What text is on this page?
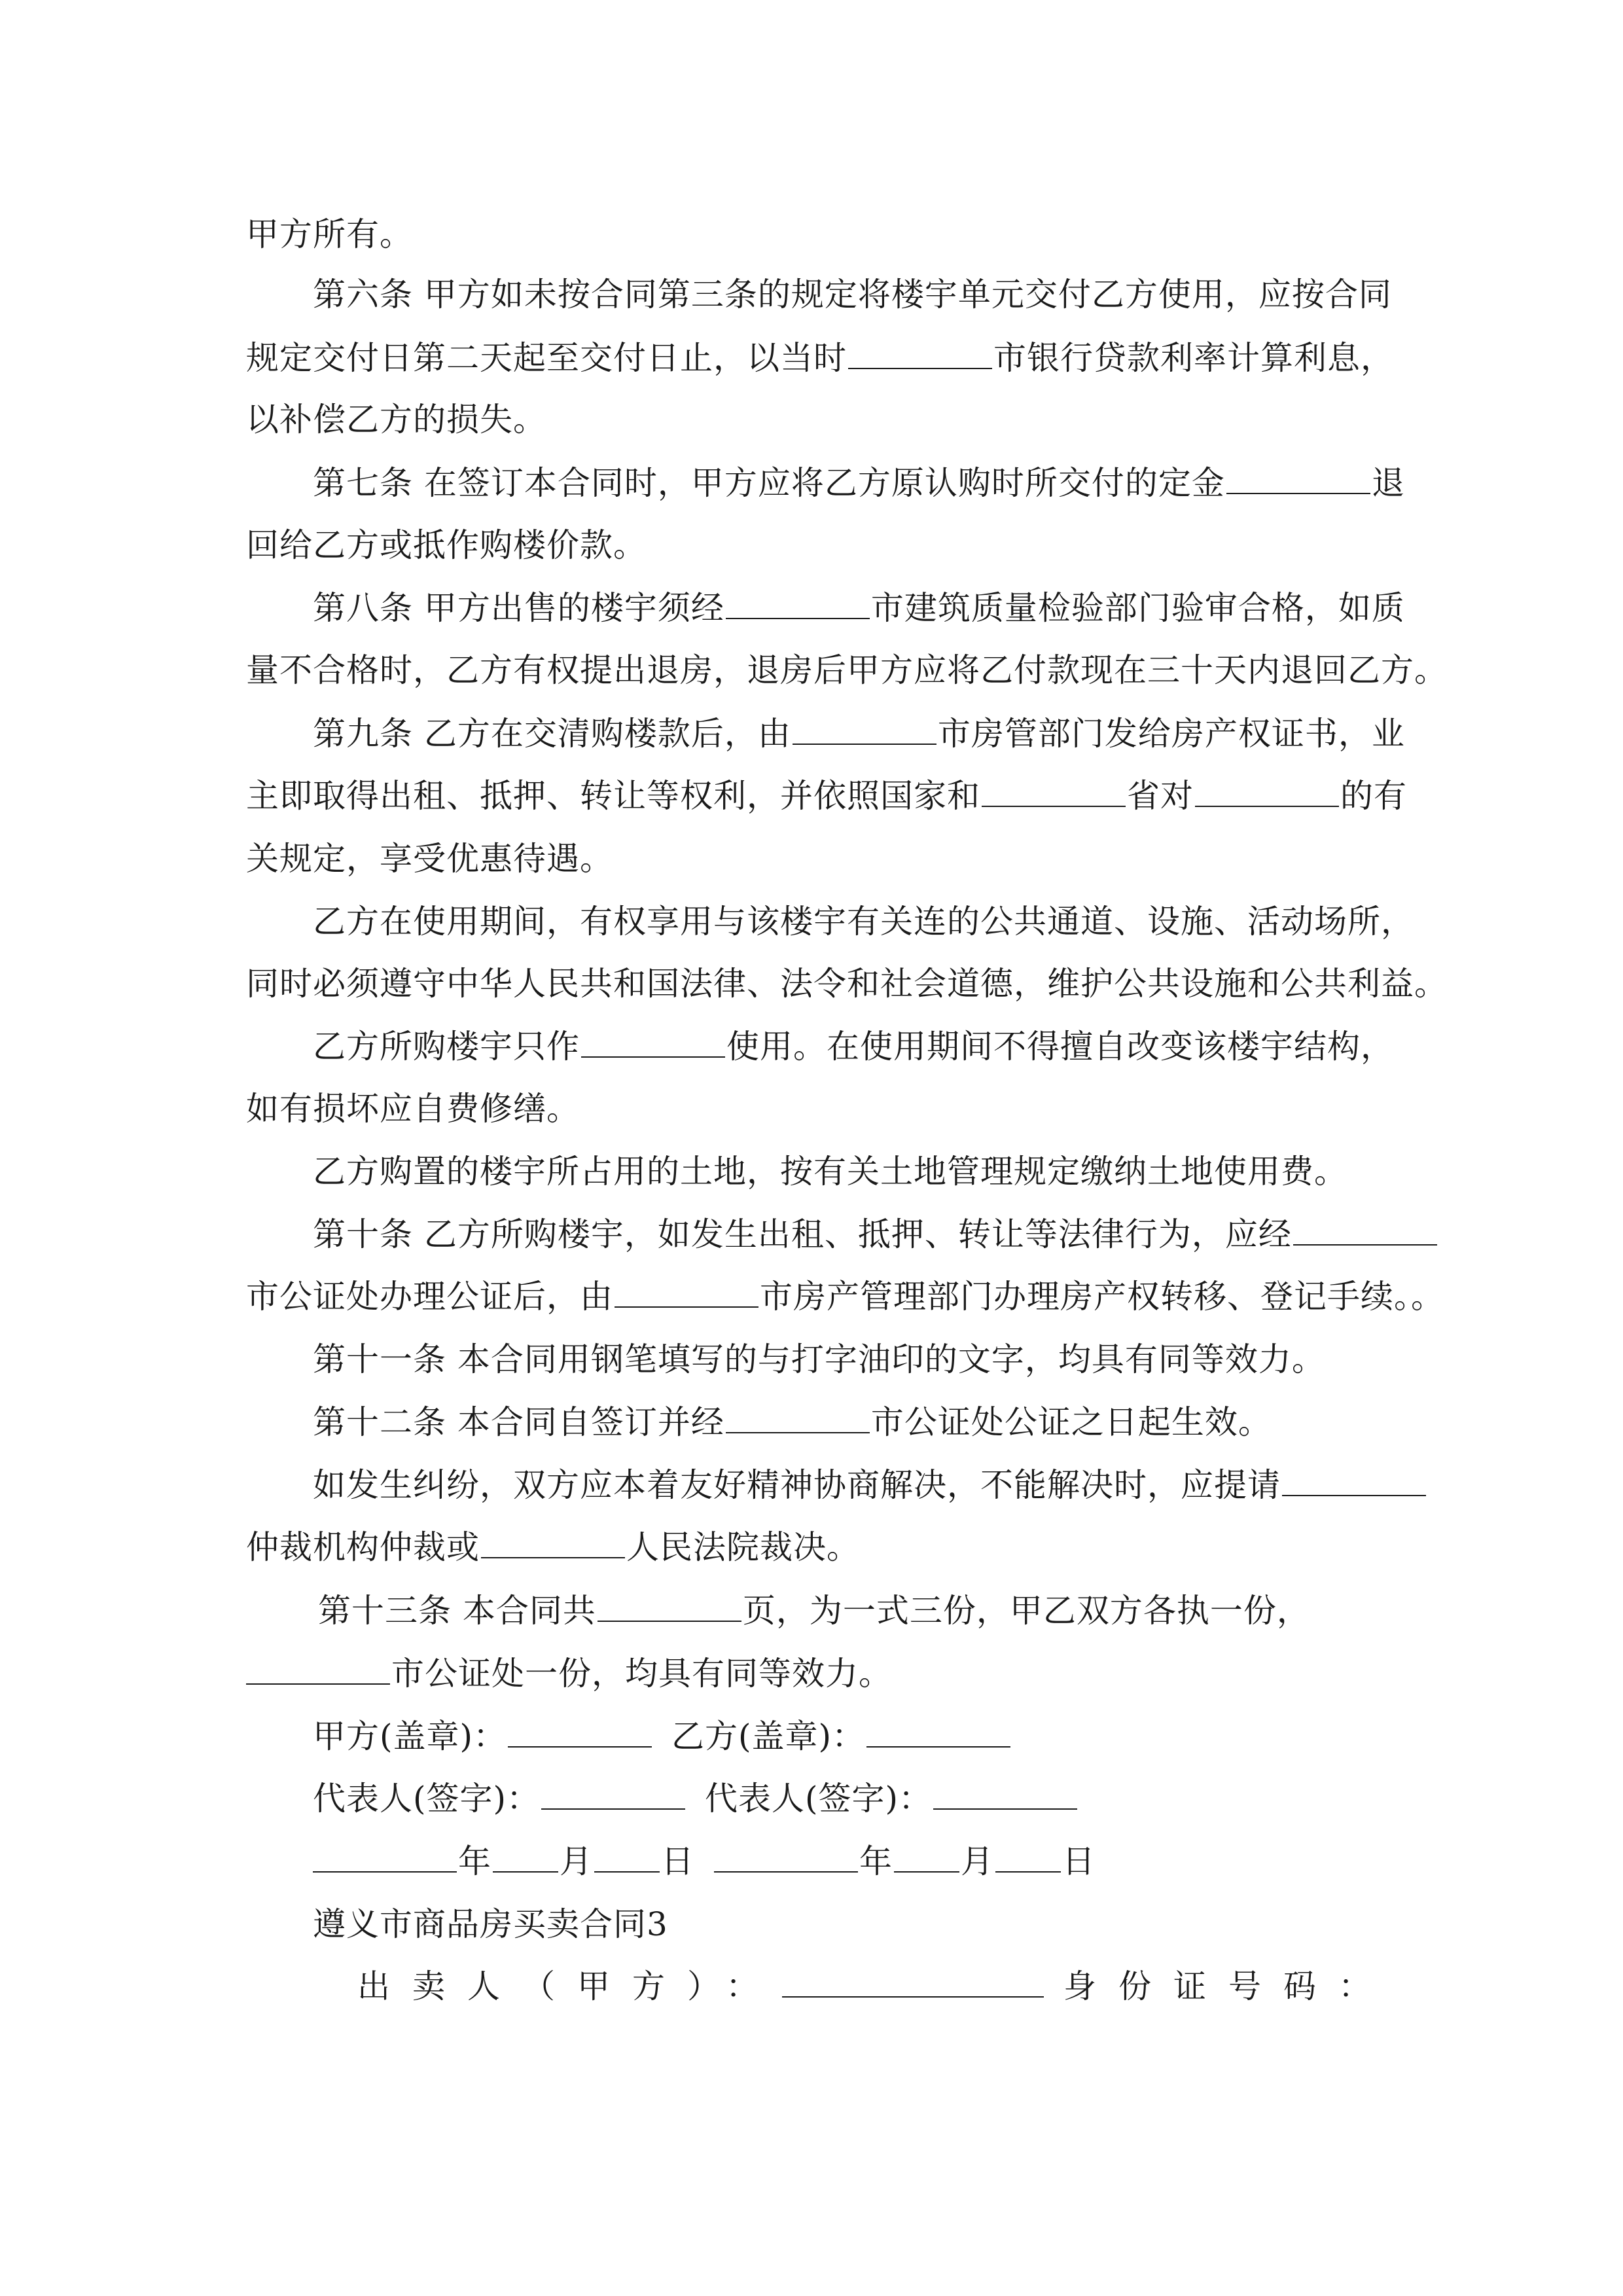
甲方所有。
第六条 甲方如未按合同第三条的规定将楼宇单元交付乙方使用，应按合同
规定交付日第二天起至交付日止，以当时	市银行贷款利率计算利息，
以补偿乙方的损失。
第七条 在签订本合同时，甲方应将乙方原认购时所交付的定金	退
回给乙方或抵作购楼价款。
第八条 甲方出售的楼宇须经	市建筑质量检验部门验审合格，如质
量不合格时，乙方有权提出退房，退房后甲方应将乙付款现在三十天内退回乙方。
第九条 乙方在交清购楼款后，由	市房管部门发给房产权证书，业
主即取得出租、抵押、转让等权利，并依照国家和	省对	的有
关规定，享受优惠待遇。
乙方在使用期间，有权享用与该楼宇有关连的公共通道、设施、活动场所，
同时必须遵守中华人民共和国法律、法令和社会道德，维护公共设施和公共利益。
乙方所购楼宇只作	使用。在使用期间不得擅自改变该楼宇结构，
如有损坏应自费修缮。
乙方购置的楼宇所占用的土地，按有关土地管理规定缴纳土地使用费。
第十条 乙方所购楼宇，如发生出租、抵押、转让等法律行为，应经
市公证处办理公证后，由	市房产管理部门办理房产权转移、登记手续。。
第十一条 本合同用钢笔填写的与打字油印的文字，均具有同等效力。
第十二条 本合同自签订并经	市公证处公证之日起生效。
如发生纠纷，双方应本着友好精神协商解决，不能解决时，应提请
仲裁机构仲裁或	人民法院裁决。
第十三条 本合同共	页，为一式三份，甲乙双方各执一份，
市公证处一份，均具有同等效力。
甲方(盖章)：	乙方(盖章)：
代表人(签字)：	代表人(签字)：
年 月 日	年 月 日
遵义市商品房买卖合同3
出卖人（甲方）：	身份证号码：
